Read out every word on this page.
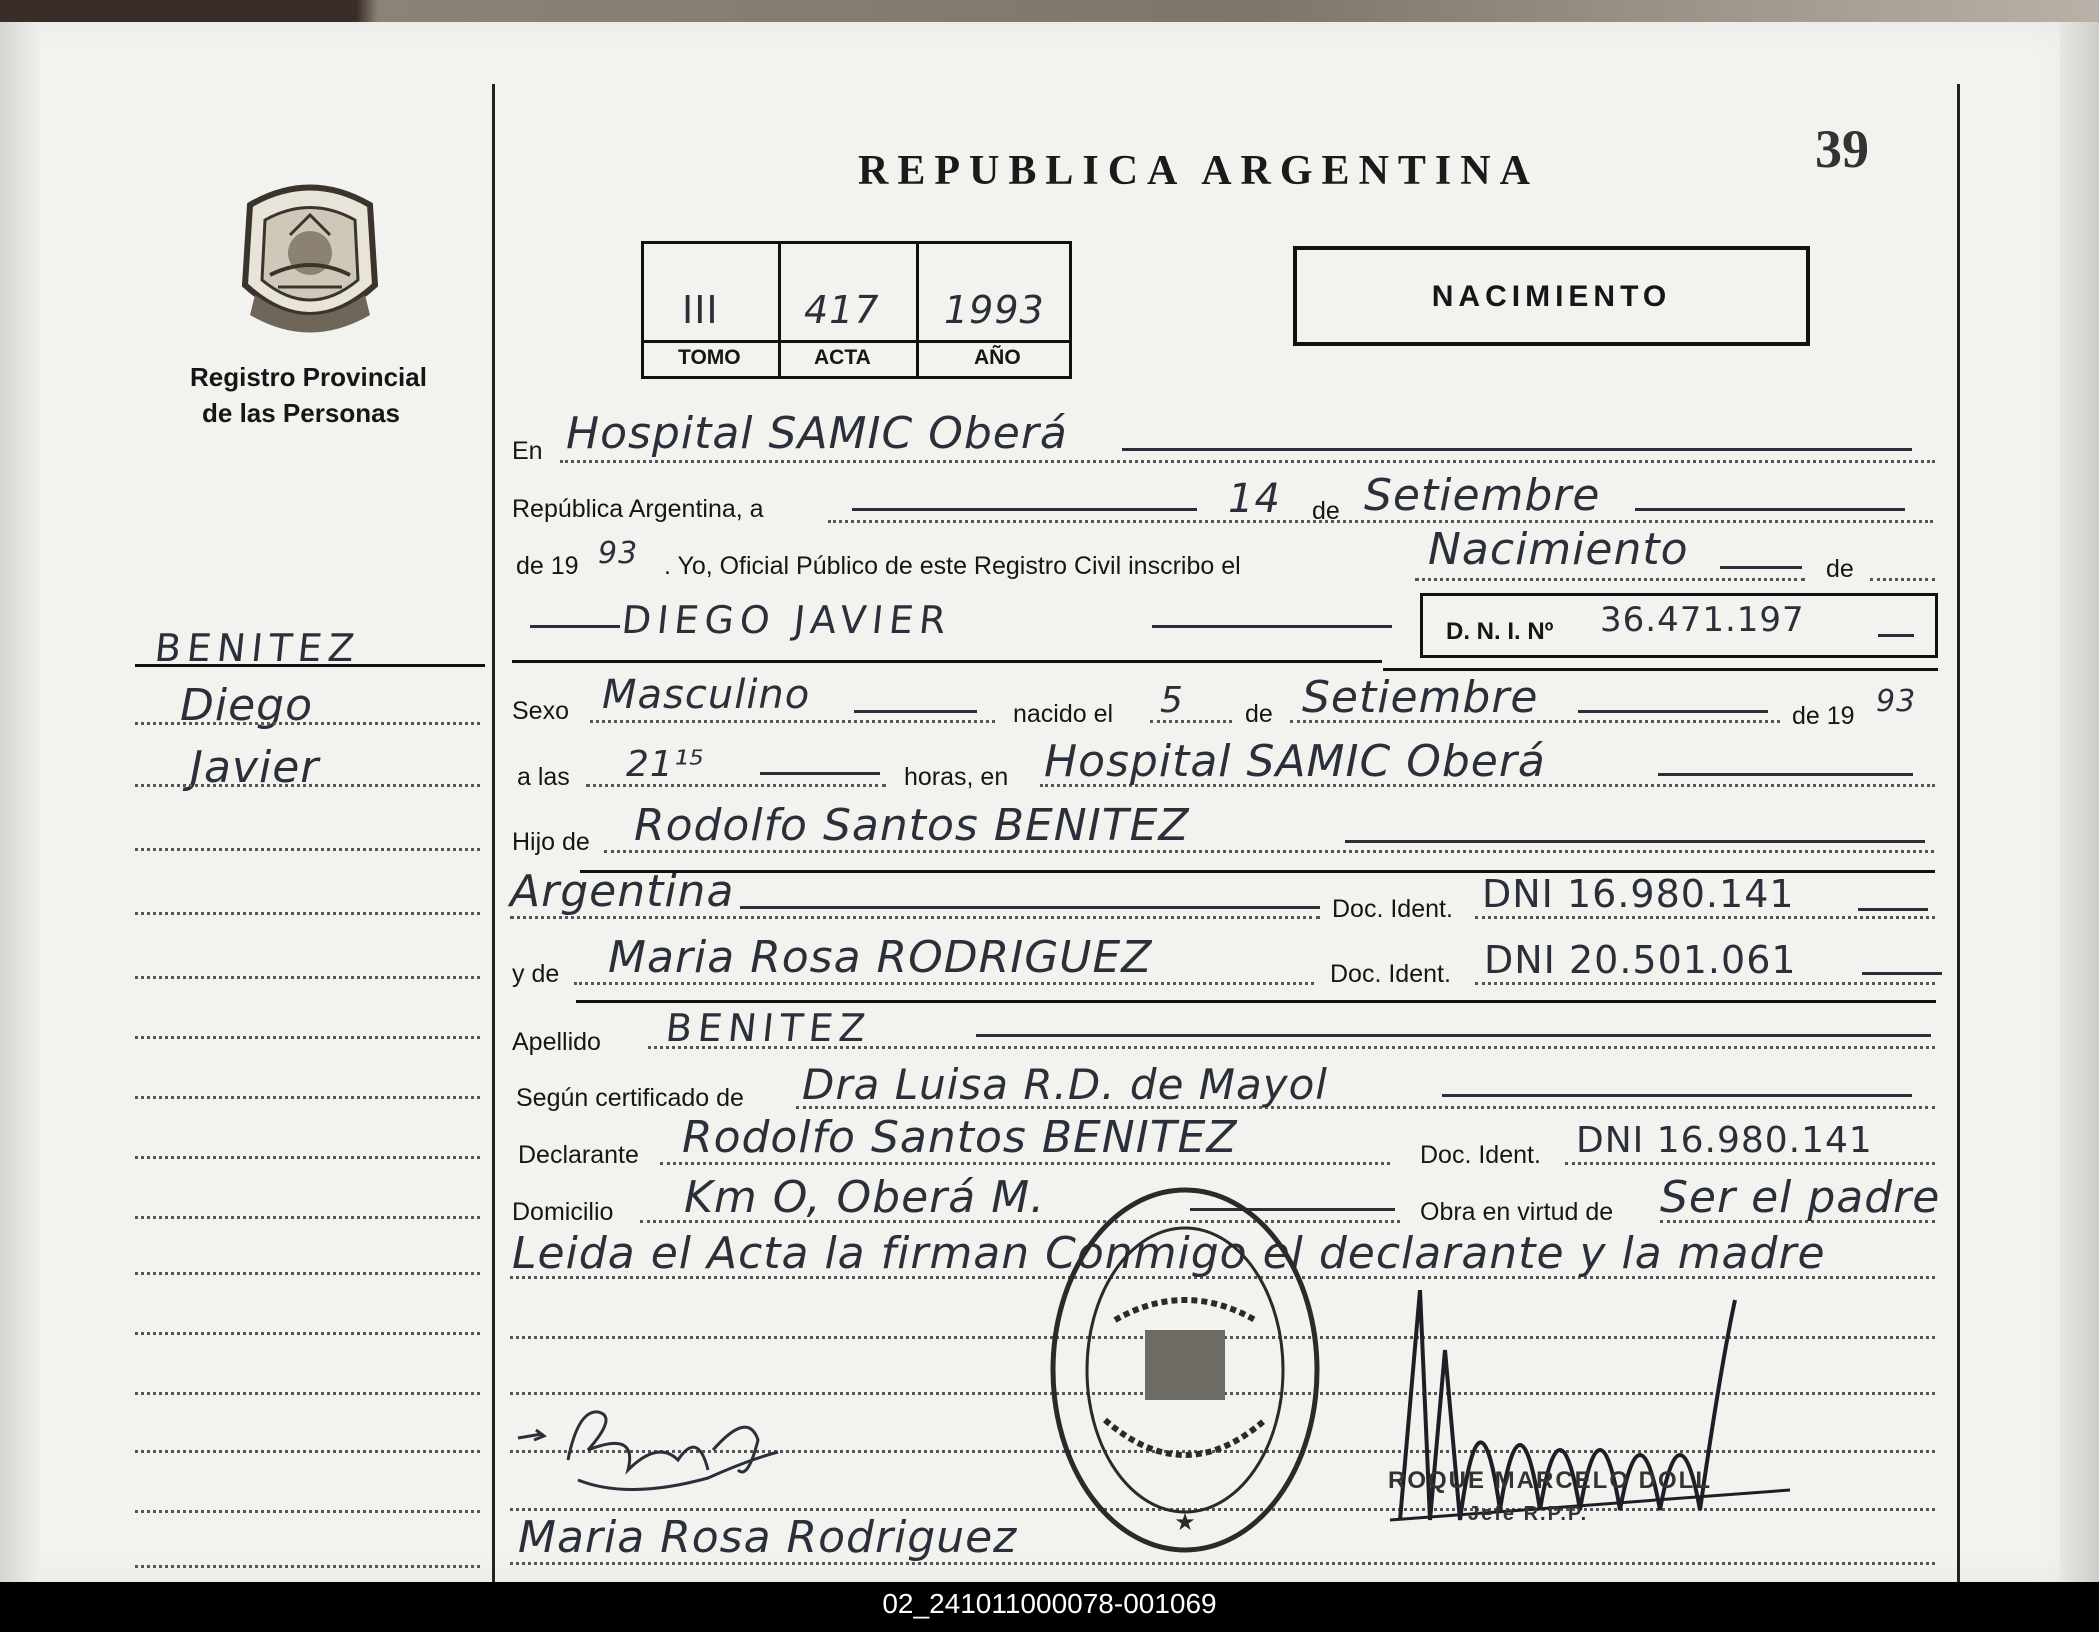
39
Registro Provincial
de las Personas
REPUBLICA ARGENTINA
III 417 1993
TOMO	ACTA	AÑO
NACIMIENTO
BENITEZ
Diego
Javier
En Hospital SAMIC Oberá
República Argentina, a	14 de Setiembre
de 19 93 . Yo, Oficial Público de este Registro Civil inscribo el	Nacimiento	de
DIEGO JAVIER	D. N. I. Nº 36.471.197
Sexo Masculino	nacido el 5 de Setiembre	de 19 93
a las 21¹⁵	horas, en Hospital SAMIC Oberá
Hijo de Rodolfo Santos BENITEZ
Argentina	Doc. Ident. DNI 16.980.141
y de Maria Rosa RODRIGUEZ	Doc. Ident. DNI 20.501.061
Apellido BENITEZ
Según certificado de Dra Luisa R.D. de Mayol
Declarante Rodolfo Santos BENITEZ	Doc. Ident. DNI 16.980.141
Domicilio Km O, Oberá M.	Obra en virtud de Ser el padre
Leida el Acta la firman Conmigo el declarante y la madre
Maria Rosa Rodriguez	★
ROQUE MARCELO DOLL
Jefe R.P.P.
02_241011000078-001069
